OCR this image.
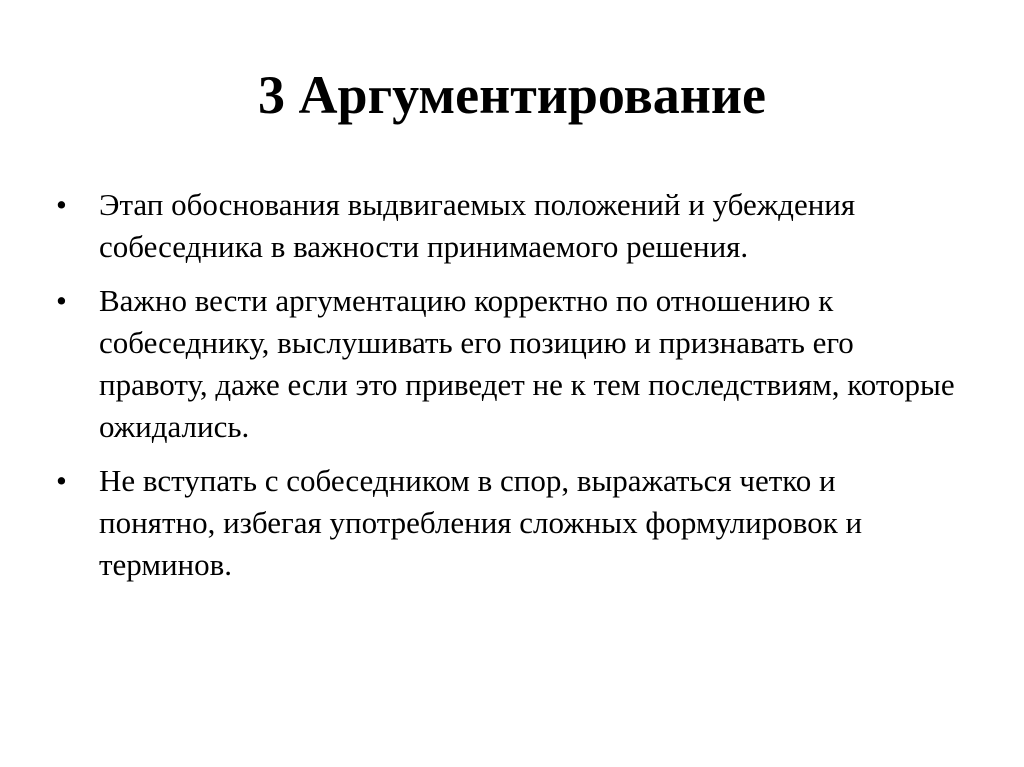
3 Аргументирование
• Этап обоснования выдвигаемых положений и убеждения собеседника в важности принимаемого решения.
• Важно вести аргументацию корректно по отношению к собеседнику, выслушивать его позицию и признавать его правоту, даже если это приведет не к тем последствиям, которые ожидались.
• Не вступать с собеседником в спор, выражаться четко и понятно, избегая употребления сложных формулировок и терминов.
